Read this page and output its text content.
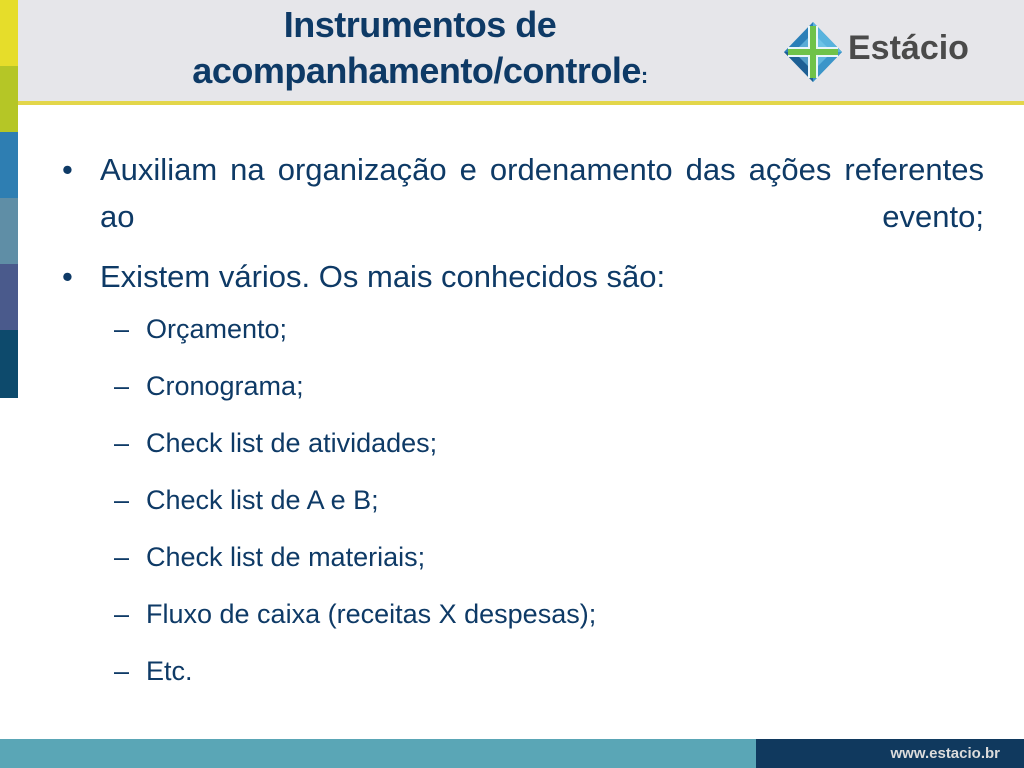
Instrumentos de acompanhamento/controle:
Estácio
• Auxiliam na organização e ordenamento das ações referentes ao evento;
• Existem vários. Os mais conhecidos são:
– Orçamento;
– Cronograma;
– Check list de atividades;
– Check list de A e B;
– Check list de materiais;
– Fluxo de caixa (receitas X despesas);
– Etc.
www.estacio.br
